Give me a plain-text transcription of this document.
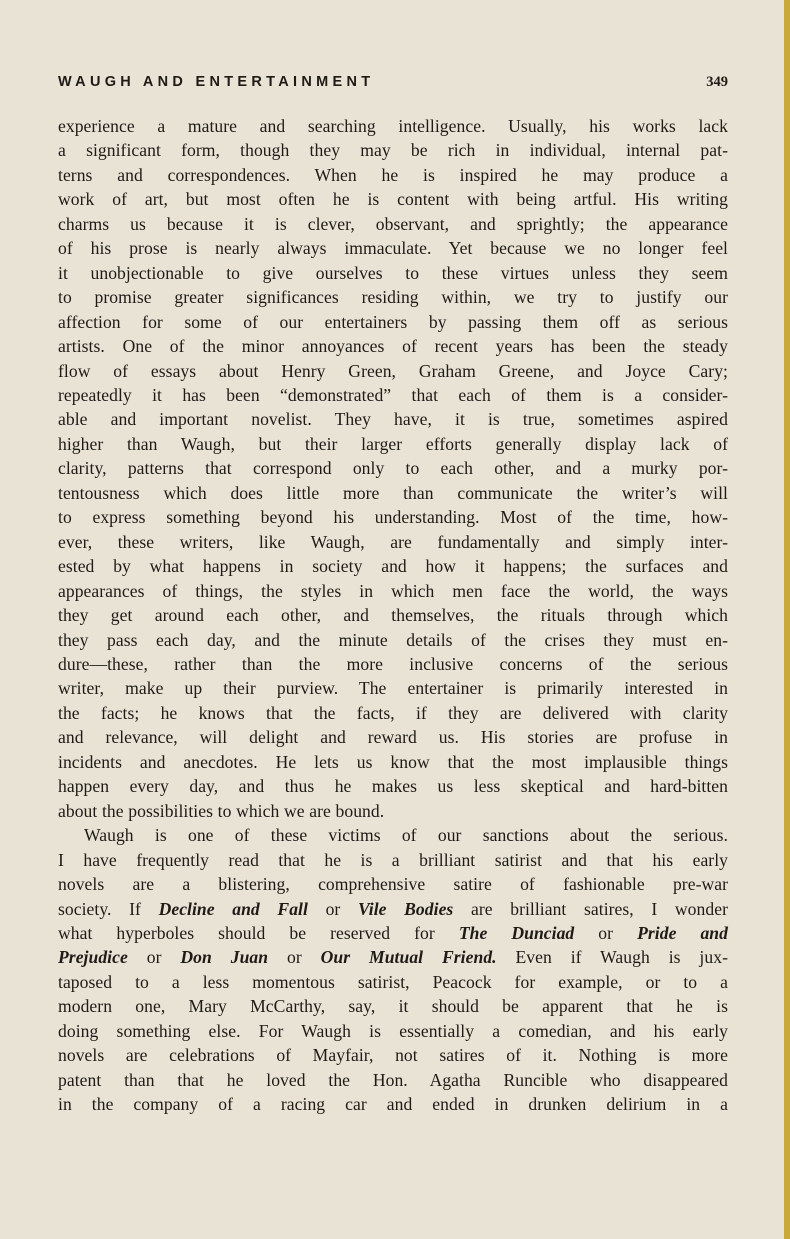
WAUGH AND ENTERTAINMENT	349

experience a mature and searching intelligence. Usually, his works lack
a significant form, though they may be rich in individual, internal pat-
terns and correspondences. When he is inspired he may produce a
work of art, but most often he is content with being artful. His writing
charms us because it is clever, observant, and sprightly; the appearance
of his prose is nearly always immaculate. Yet because we no longer feel
it unobjectionable to give ourselves to these virtues unless they seem
to promise greater significances residing within, we try to justify our
affection for some of our entertainers by passing them off as serious
artists. One of the minor annoyances of recent years has been the steady
flow of essays about Henry Green, Graham Greene, and Joyce Cary;
repeatedly it has been “demonstrated” that each of them is a consider-
able and important novelist. They have, it is true, sometimes aspired
higher than Waugh, but their larger efforts generally display lack of
clarity, patterns that correspond only to each other, and a murky por-
tentousness which does little more than communicate the writer’s will
to express something beyond his understanding. Most of the time, how-
ever, these writers, like Waugh, are fundamentally and simply inter-
ested by what happens in society and how it happens; the surfaces and
appearances of things, the styles in which men face the world, the ways
they get around each other, and themselves, the rituals through which
they pass each day, and the minute details of the crises they must en-
dure—these, rather than the more inclusive concerns of the serious
writer, make up their purview. The entertainer is primarily interested in
the facts; he knows that the facts, if they are delivered with clarity
and relevance, will delight and reward us. His stories are profuse in
incidents and anecdotes. He lets us know that the most implausible things
happen every day, and thus he makes us less skeptical and hard-bitten
about the possibilities to which we are bound.

Waugh is one of these victims of our sanctions about the serious.
I have frequently read that he is a brilliant satirist and that his early
novels are a blistering, comprehensive satire of fashionable pre-war
society. If Decline and Fall or Vile Bodies are brilliant satires, I wonder
what hyperboles should be reserved for The Dunciad or Pride and
Prejudice or Don Juan or Our Mutual Friend. Even if Waugh is jux-
taposed to a less momentous satirist, Peacock for example, or to a
modern one, Mary McCarthy, say, it should be apparent that he is
doing something else. For Waugh is essentially a comedian, and his early
novels are celebrations of Mayfair, not satires of it. Nothing is more
patent than that he loved the Hon. Agatha Runcible who disappeared
in the company of a racing car and ended in drunken delirium in a
